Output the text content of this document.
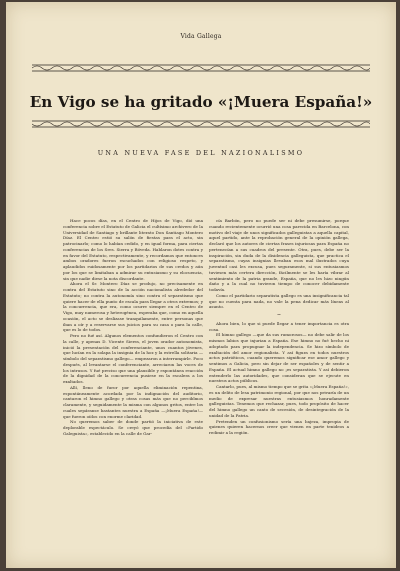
Vida Gallega
En Vigo se ha gritado «¡Muera España!»
UNA NUEVA FASE DEL NAZIONALISMO

Hace pocos días, en el Centro de Hijos de Vigo, dió una conferencia sobre el Estatuto de Galicia el cultísimo archivero de la Universidad de Santiago y brillante literato Don Santiago Montero Díaz. El Centro estió su salón de fiestas para el acto, sin patrocinarlo; como lo habían cedido, y en igual forma, para ciertas conferencias de los Sres. Sierra y Bóveda. Hablaron dotes contra y en favor del Estatuto, respectivamente, y recordamos que entonces ambos oradores fueron escuchados con religioso respeto, y aplaudidos ruidosamente por los partidarios de sus credos y aún por los que se limitaban a admirar su entusiasmo y su elocuencia, sin que nadie diese la nota discordante.

Ahora el Sr. Montero Díaz se produjo, no precisamente en contra del Estatuto sino de la acción nacionalista alrededor del Estatuto; no contra la autonomía sino contra el separatismo que quiere hacer de ella punto de escala para llegar a otros extremos; y la concurrencia, que era, como ocurre siempre en el Centro de Vigo, muy numerosa y heterogénea, esperaba que, como en aquella ocasión, el acto se deslizase tranquilamente, entre personas que iban a oír y a reservarse sus juicios para su casa o para la calle, que es lo de todos.

Pero no fué así. Algunos elementos confundieron el Centro con la calle, y apenas D. Vicente Sierra, el joven orador autonomista, inició la presentación del conferenciante, unos cuantos jóvenes, que lucían en la solapa la insignia de la hoz y la estrella solitaria —símbolo del separatismo gallego— empezaron a interrumpirle. Poco después, al levantarse el conferenciante, arreciaron las voces de los intrusos. Y fué preciso que una plausible y espontánea reacción de la dignidad de la concurrencia pusiese en la escalera a los exaltados.

Allí, lleno de furor por aquella eliminación repentina, espontáneamente acordada por la indignación del auditorio, cantaron el himno gallego y otras cosas más que no perciblmos claramente, y seguidamente la misma con algunos gritos, entre los cuales sepáranse bastantes nuestra a España —¡Muera España!— que fueron oídos con enorme claridad.

No queremos saber de donde partió la iniciativa de este deplorable espectáculo. Se creyó que procedía del «Partido Galeguista», establecido en la calle de Gar-

cía Barbón, pero no puede ser ni debe presumirse, porque cuando recientemente ocurrió una cosa parecida en Barcelona, con motivo del viaje de unos significados galleguistas a aquella capital, aquel partido, ante la reprobación general de la opinión gallega, declaró que los autores de ciertas frases injuriosas para España no pertenecían a sus cuadros del presente. Otra, pues, debe ser la inspiración, sin duda de la disidencia galleguista, que practica el separatismo, cuyas insignias llevaban esos mal ilustrados cuya juventud casi les excusa, pues seguramente, si sus entusiasmos tuviesen más certera dirección, fácilmente se les haría vibrar al sentimiento de la patria grande, España, que no les hizo ningún daño y a la cual no tuvieron tiempo de conocer debidamente todavía.

Como el partidario separatista gallego es una insignificancia tal que no cuenta para nada, no vale la pena dedicar más líneas al asunto.

~

Ahora bien, lo que si puede llegar a tener importancia es otra cosa.

El himno gallego —que da sus rumorosos— no debe salir de los mismos labios que injurian a España. Ese himno no fué hecho ni adoptado para propugnar la independencia. Se hizo símbolo de exaltación del amor regionalista. Y así figura en todos nuestros actos patrióticos, cuando queremos significar ese amor gallego y sentimos a Galicia, pero sin dejar de ser españoles y de sentir a España. El actual himno gallego no ¡es separatista. Y así debieron entenderlo las autoridades, que consideran que se ejecute en nuestros actos públicos.

Cantarlo, pues, al mismo tiempo que se grita «¡Muera España!», es un delito de lesa patrimonio regional, por que nos privaría de un medio de expresar nuestras entusiasmos honradamente galleguistas. Tenemos que rechazar, pues, todo propósito de hacer del himno gallego un canto de secesión, de desintegración de la unidad de la Patria.

Pretenden un confusionismo sería una bajeza, impropia de quienes quieren hacernos creer que vienen en parte tenideos a redimir a la región.
